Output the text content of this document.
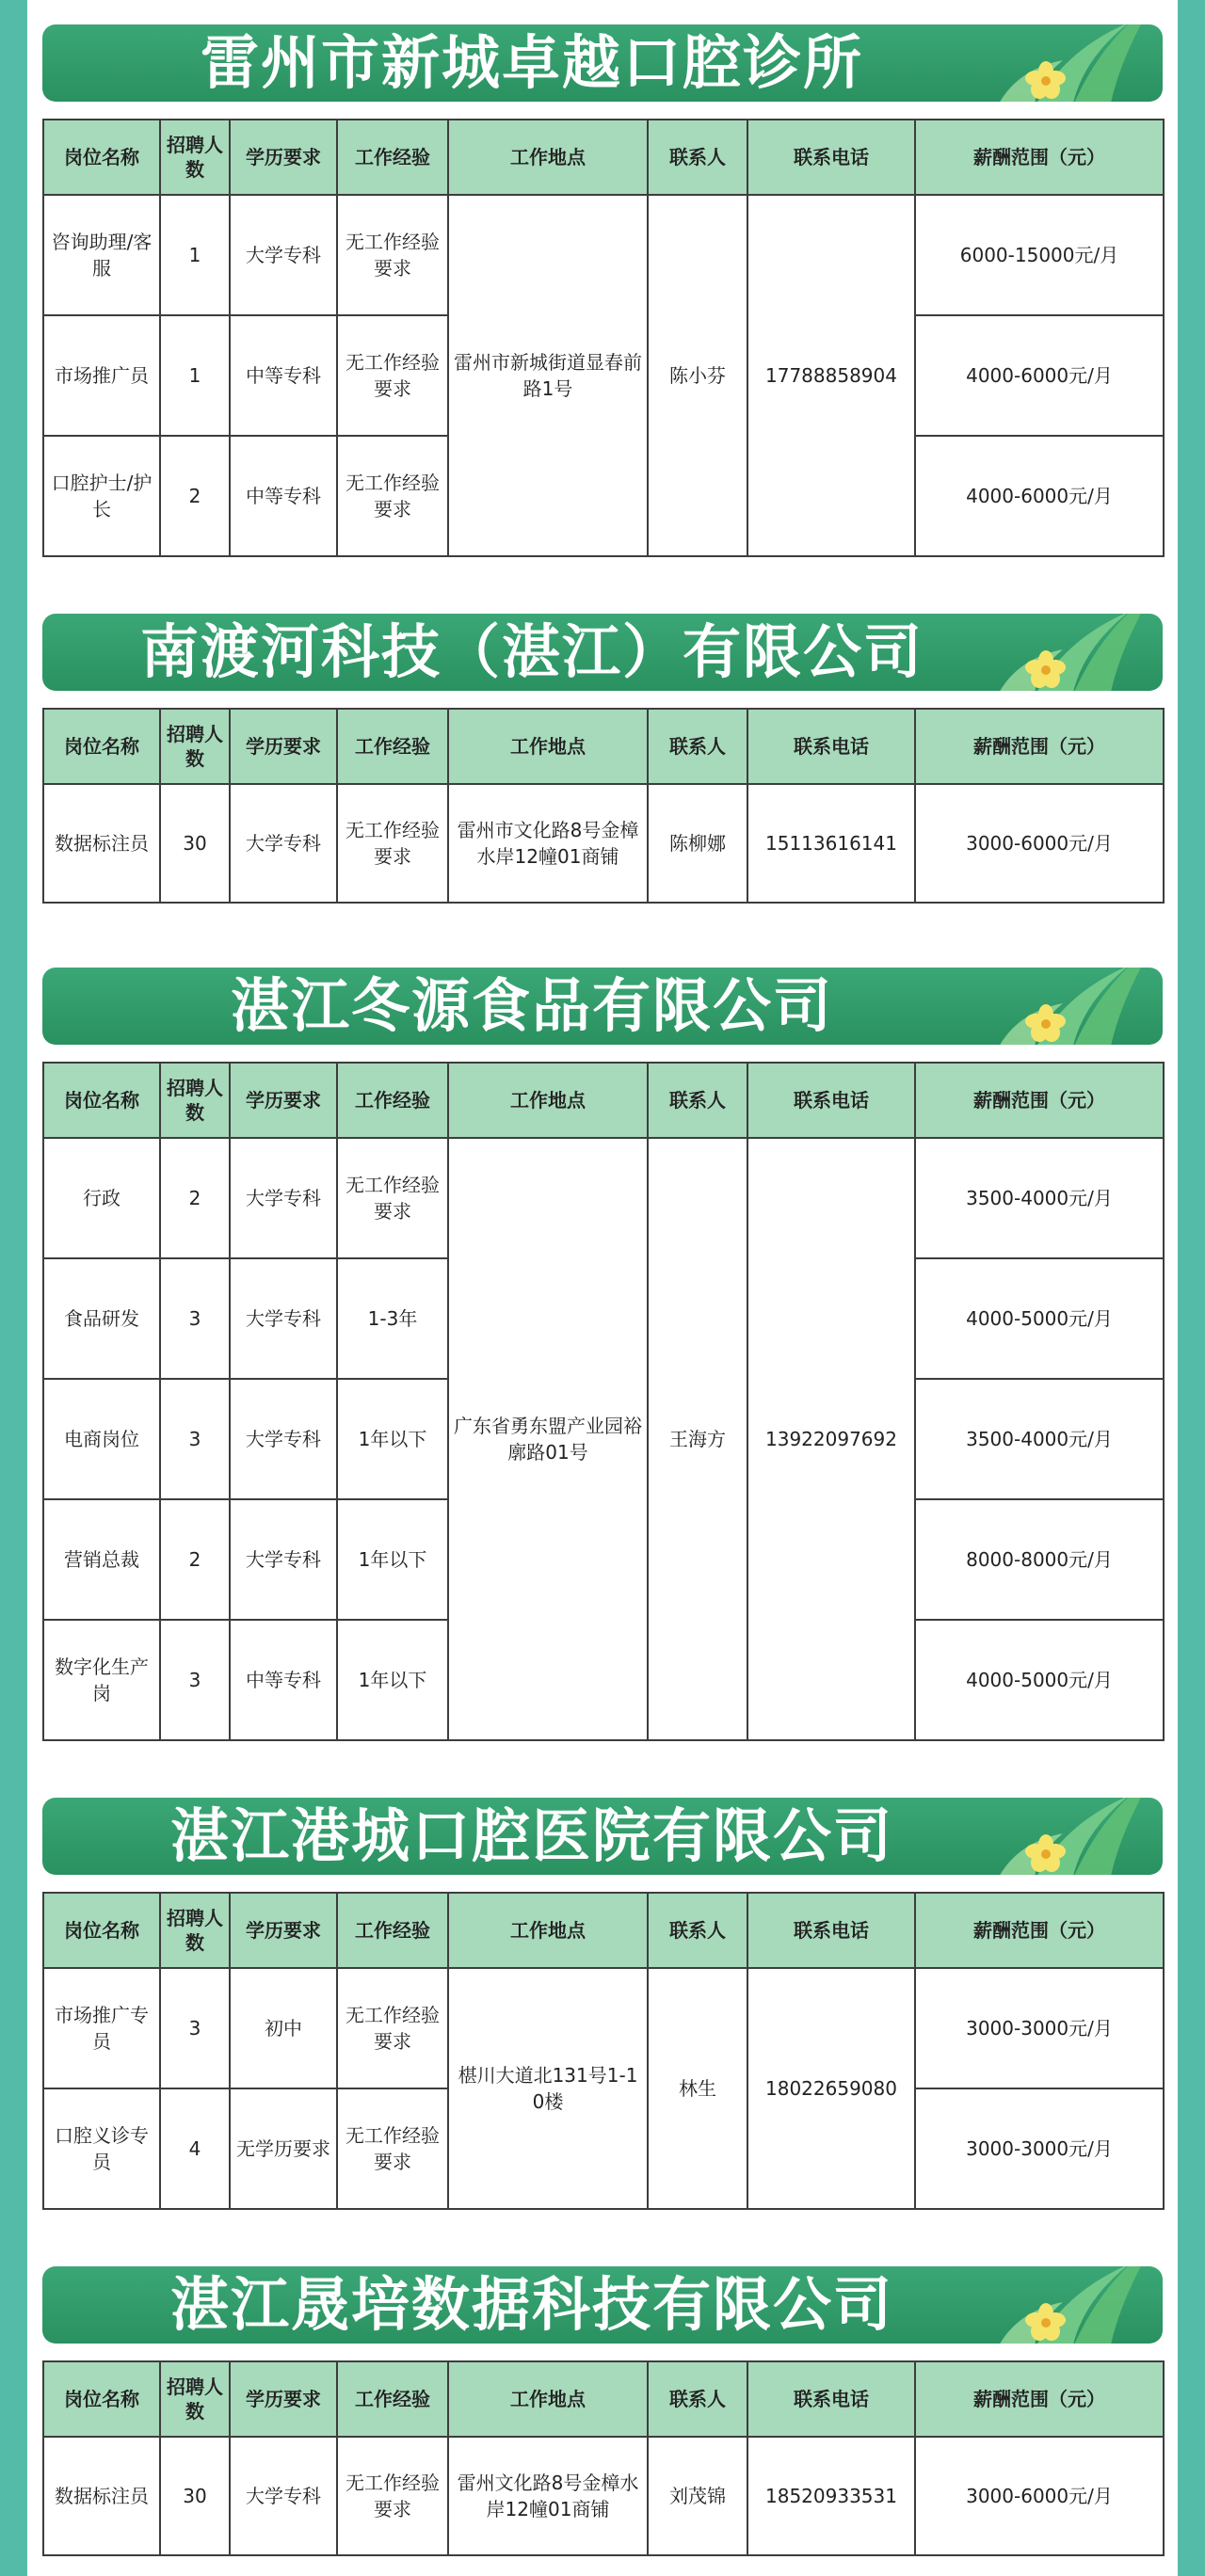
雷州市新城卓越口腔诊所
岗位名称	招聘人数	学历要求	工作经验	工作地点	联系人	联系电话	薪酬范围（元）
咨询助理/客服	1	大学专科	无工作经验要求	雷州市新城街道显春前路1号	陈小芬	17788858904	6000-15000元/月
市场推广员	1	中等专科	无工作经验要求				4000-6000元/月
口腔护士/护长	2	中等专科	无工作经验要求				4000-6000元/月
南渡河科技（湛江）有限公司
岗位名称	招聘人数	学历要求	工作经验	工作地点	联系人	联系电话	薪酬范围（元）
数据标注员	30	大学专科	无工作经验要求	雷州市文化路8号金樟水岸12幢01商铺	陈柳娜	15113616141	3000-6000元/月
湛江冬源食品有限公司
岗位名称	招聘人数	学历要求	工作经验	工作地点	联系人	联系电话	薪酬范围（元）
行政	2	大学专科	无工作经验要求	广东省勇东盟产业园裕廓路01号	王海方	13922097692	3500-4000元/月
食品研发	3	大学专科	1-3年				4000-5000元/月
电商岗位	3	大学专科	1年以下				3500-4000元/月
营销总裁	2	大学专科	1年以下				8000-8000元/月
数字化生产岗	3	中等专科	1年以下				4000-5000元/月
湛江港城口腔医院有限公司
岗位名称	招聘人数	学历要求	工作经验	工作地点	联系人	联系电话	薪酬范围（元）
市场推广专员	3	初中	无工作经验要求	椹川大道北131号1-10楼	林生	18022659080	3000-3000元/月
口腔义诊专员	4	无学历要求	无工作经验要求				3000-3000元/月
湛江晟培数据科技有限公司
岗位名称	招聘人数	学历要求	工作经验	工作地点	联系人	联系电话	薪酬范围（元）
数据标注员	30	大学专科	无工作经验要求	雷州文化路8号金樟水岸12幢01商铺	刘茂锦	18520933531	3000-6000元/月
